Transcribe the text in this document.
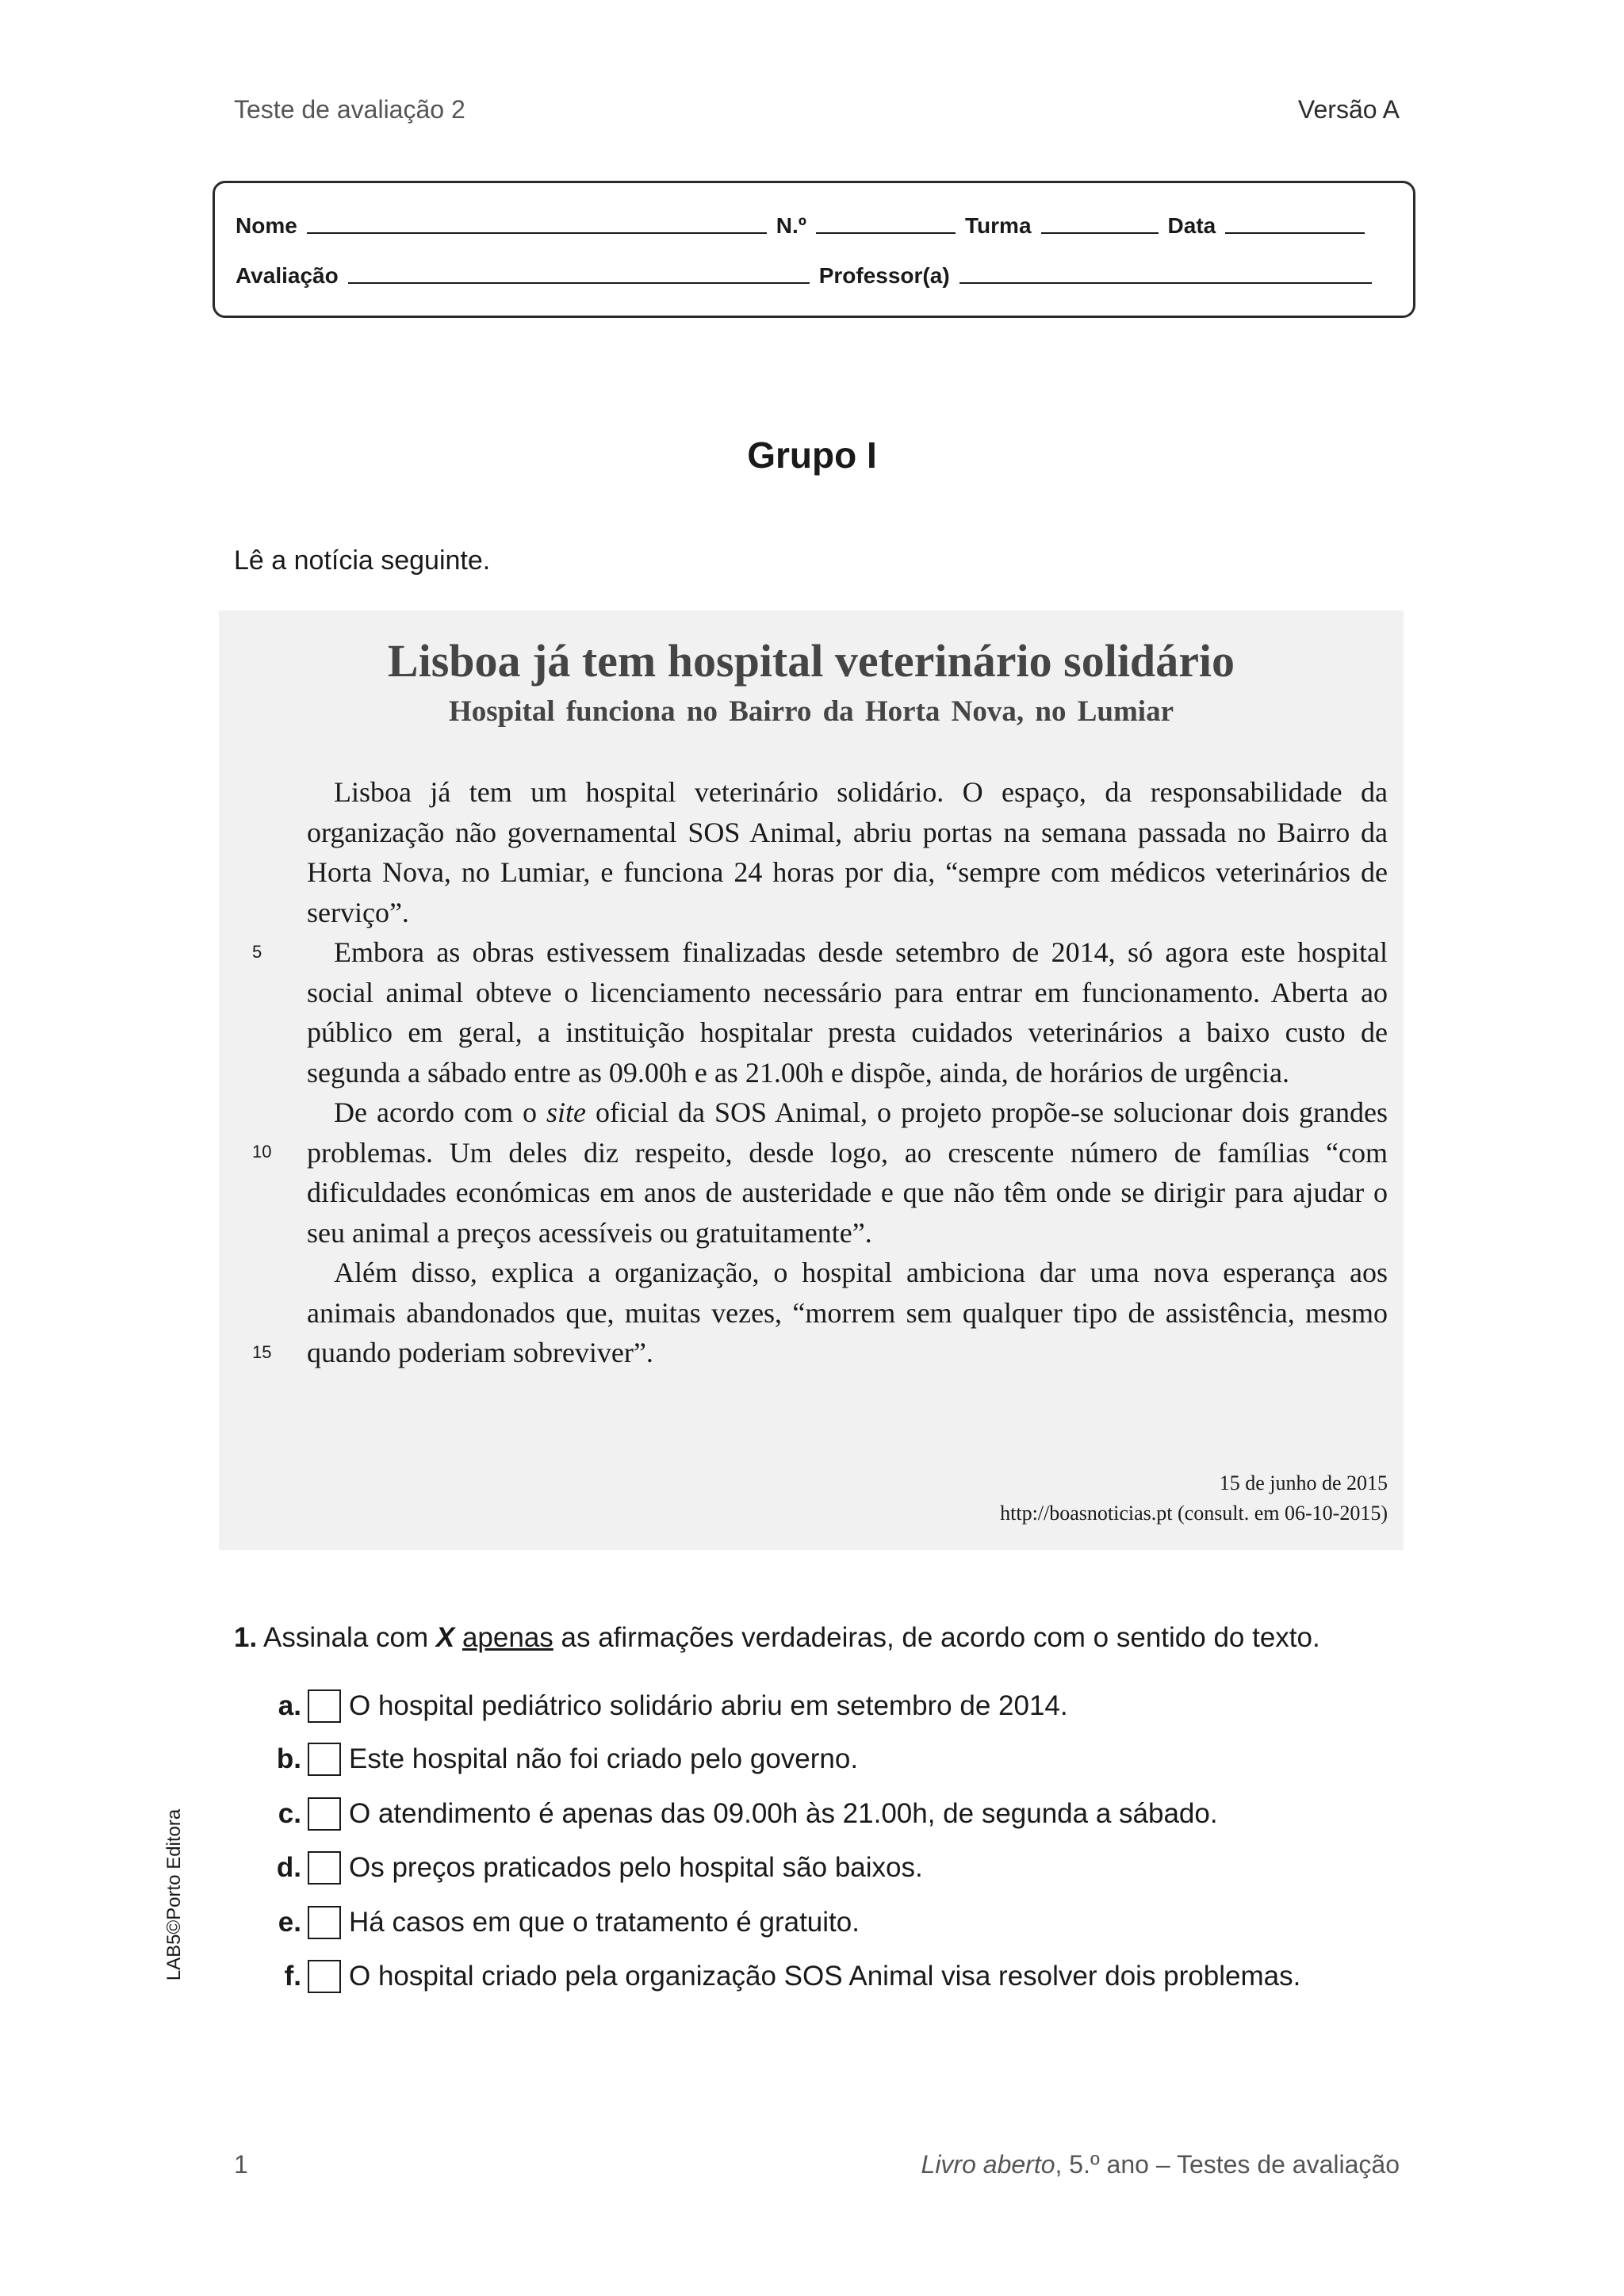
Teste de avaliação 2	Versão A
Nome	N.º	Turma	Data
Avaliação	Professor(a)
Grupo I
Lê a notícia seguinte.
Lisboa já tem hospital veterinário solidário
Hospital funciona no Bairro da Horta Nova, no Lumiar
5
10
15

Lisboa já tem um hospital veterinário solidário. O espaço, da responsabilidade da organização não governamental SOS Animal, abriu portas na semana passada no Bairro da Horta Nova, no Lumiar, e funciona 24 horas por dia, “sempre com médicos veterinários de serviço”.

Embora as obras estivessem finalizadas desde setembro de 2014, só agora este hospital social animal obteve o licenciamento necessário para entrar em funcionamento. Aberta ao público em geral, a instituição hospitalar presta cuidados veterinários a baixo custo de segunda a sábado entre as 09.00h e as 21.00h e dispõe, ainda, de horários de urgência.

De acordo com o site oficial da SOS Animal, o projeto propõe-se solucionar dois grandes problemas. Um deles diz respeito, desde logo, ao crescente número de famílias “com dificuldades económicas em anos de austeridade e que não têm onde se dirigir para ajudar o seu animal a preços acessíveis ou gratuitamente”.

Além disso, explica a organização, o hospital ambiciona dar uma nova esperança aos animais abandonados que, muitas vezes, “morrem sem qualquer tipo de assistência, mesmo quando poderiam sobreviver”.

15 de junho de 2015
http://boasnoticias.pt (consult. em 06-10-2015)
1. Assinala com X apenas as afirmações verdadeiras, de acordo com o sentido do texto.
a. O hospital pediátrico solidário abriu em setembro de 2014.
b. Este hospital não foi criado pelo governo.
c. O atendimento é apenas das 09.00h às 21.00h, de segunda a sábado.
d. Os preços praticados pelo hospital são baixos.
e. Há casos em que o tratamento é gratuito.
f. O hospital criado pela organização SOS Animal visa resolver dois problemas.
LAB5©Porto Editora
1	Livro aberto, 5.º ano – Testes de avaliação
